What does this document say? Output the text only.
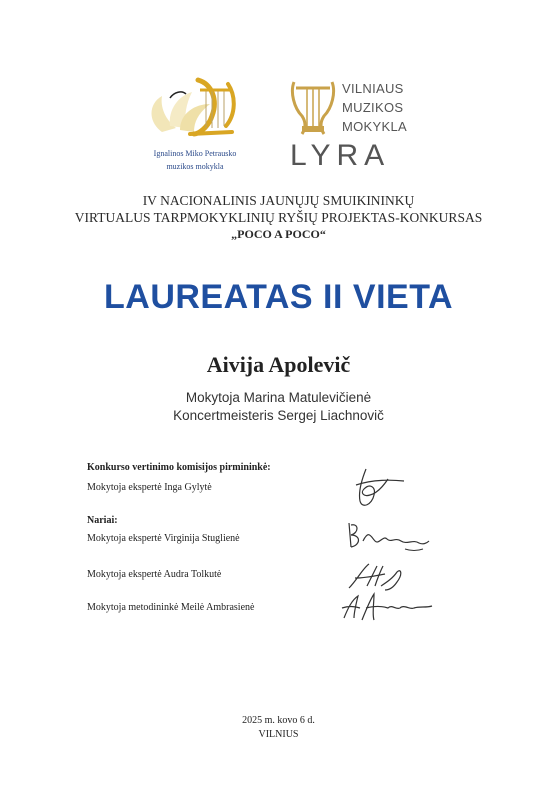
Ignalinos Miko Petrausko
muzikos mokykla
VILNIAUS
MUZIKOS
MOKYKLA
LYRA
IV NACIONALINIS JAUNŲJŲ SMUIKININKŲ
VIRTUALUS TARPMOKYKLINIŲ RYŠIŲ PROJEKTAS-KONKURSAS
„POCO A POCO“
LAUREATAS II VIETA
Aivija Apolevič
Mokytoja Marina Matulevičienė
Koncertmeisteris Sergej Liachnovič
Konkurso vertinimo komisijos pirmininkė:
Mokytoja ekspertė Inga Gylytė
Nariai:
Mokytoja ekspertė Virginija Stuglienė
Mokytoja ekspertė Audra Tolkutė
Mokytoja metodininkė Meilė Ambrasienė
2025 m. kovo 6 d.
VILNIUS
